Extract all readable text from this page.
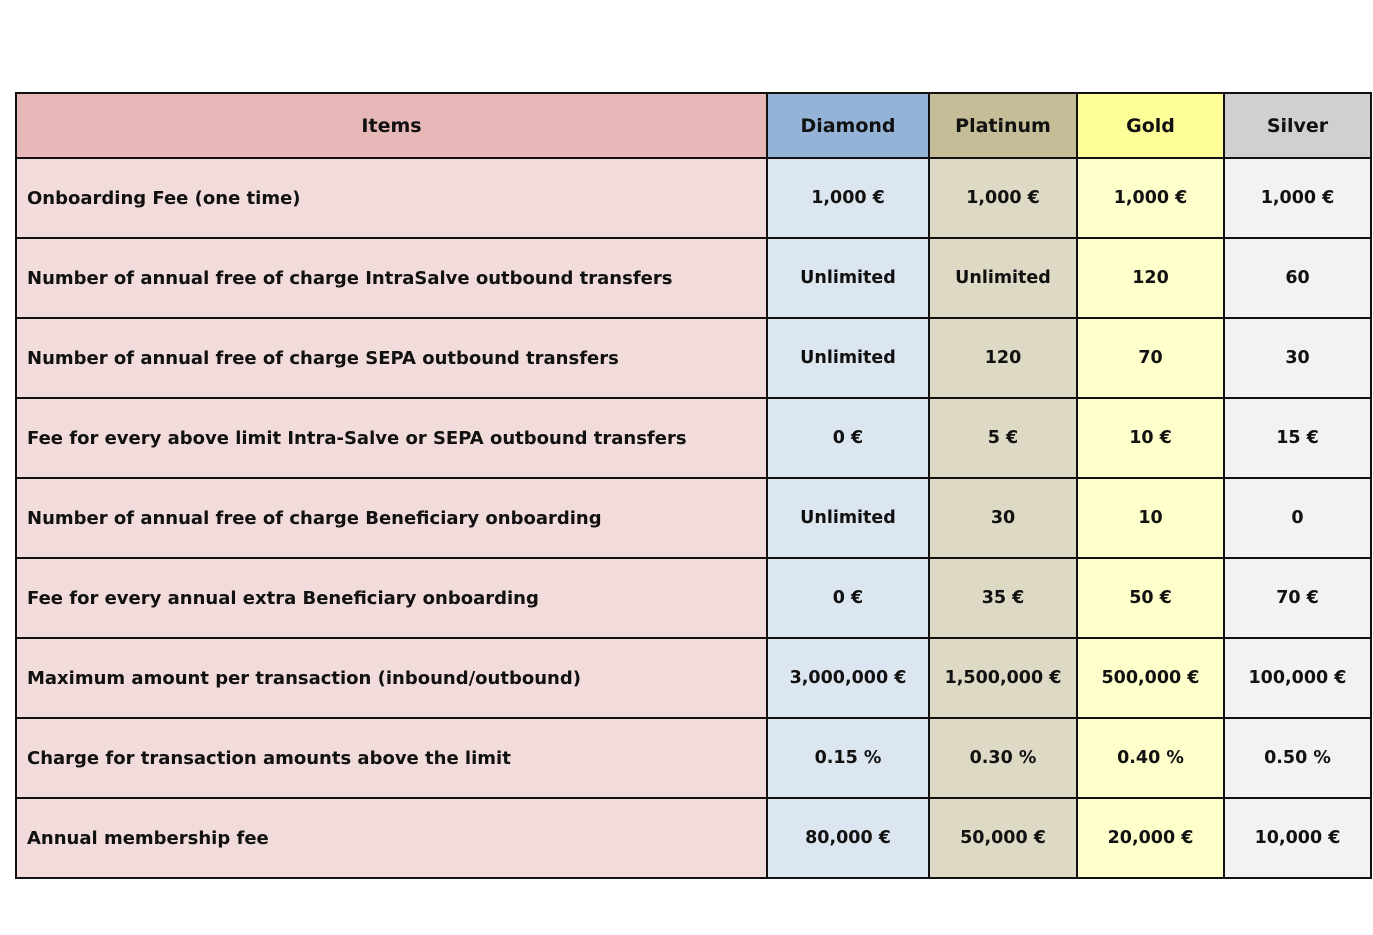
Items	Diamond	Platinum	Gold	Silver
Onboarding Fee (one time)	1,000 €	1,000 €	1,000 €	1,000 €
Number of annual free of charge IntraSalve outbound transfers	Unlimited	Unlimited	120	60
Number of annual free of charge SEPA outbound transfers	Unlimited	120	70	30
Fee for every above limit Intra-Salve or SEPA outbound transfers	0 €	5 €	10 €	15 €
Number of annual free of charge Beneficiary onboarding	Unlimited	30	10	0
Fee for every annual extra Beneficiary onboarding	0 €	35 €	50 €	70 €
Maximum amount per transaction (inbound/outbound)	3,000,000 €	1,500,000 €	500,000 €	100,000 €
Charge for transaction amounts above the limit	0.15 %	0.30 %	0.40 %	0.50 %
Annual membership fee	80,000 €	50,000 €	20,000 €	10,000 €
